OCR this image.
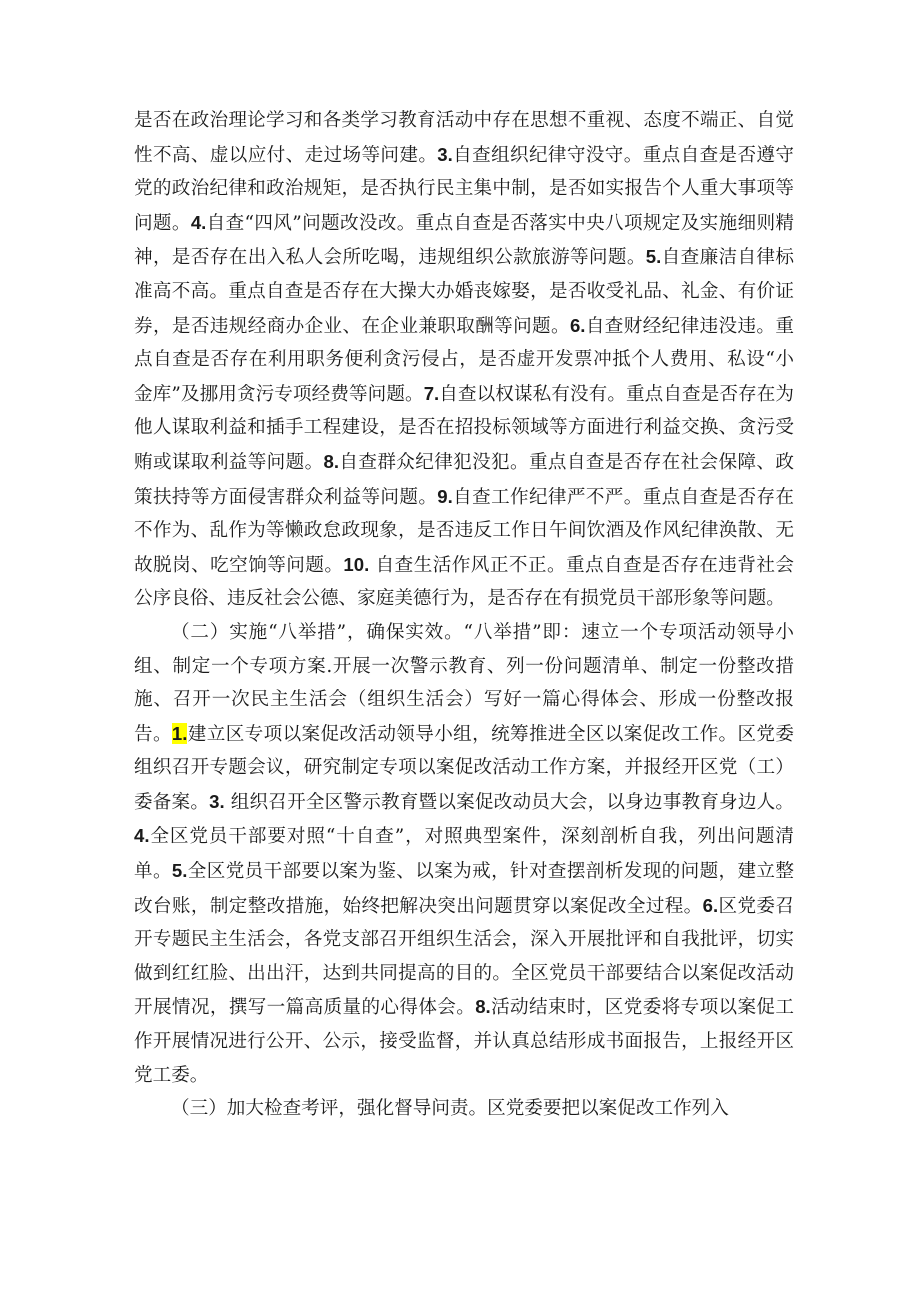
是否在政治理论学习和各类学习教育活动中存在思想不重视、态度不端正、自觉性不高、虚以应付、走过场等问建。3.自查组织纪律守没守。重点自查是否遵守党的政治纪律和政治规矩，是否执行民主集中制，是否如实报告个人重大事项等问题。4.自查“四风”问题改没改。重点自查是否落实中央八项规定及实施细则精神，是否存在出入私人会所吃喝，违规组织公款旅游等问题。5.自查廉洁自律标准高不高。重点自查是否存在大操大办婚丧嫁娶，是否收受礼品、礼金、有价证券，是否违规经商办企业、在企业兼职取酬等问题。6.自查财经纪律违没违。重点自查是否存在利用职务便利贪污侵占，是否虚开发票冲抵个人费用、私设“小金库”及挪用贪污专项经费等问题。7.自查以权谋私有没有。重点自查是否存在为他人谋取利益和插手工程建设，是否在招投标领域等方面进行利益交换、贪污受贿或谋取利益等问题。8.自查群众纪律犯没犯。重点自查是否存在社会保障、政策扶持等方面侵害群众利益等问题。9.自查工作纪律严不严。重点自查是否存在不作为、乱作为等懒政怠政现象，是否违反工作日午间饮酒及作风纪律涣散、无故脱岗、吃空饷等问题。10. 自查生活作风正不正。重点自查是否存在违背社会公序良俗、违反社会公德、家庭美德行为，是否存在有损党员干部形象等问题。

（二）实施“八举措”，确保实效。“八举措”即：速立一个专项活动领导小组、制定一个专项方案.开展一次警示教育、列一份问题清单、制定一份整改措施、召开一次民主生活会（组织生活会）写好一篇心得体会、形成一份整改报告。1.建立区专项以案促改活动领导小组，统筹推进全区以案促改工作。区党委组织召开专题会议，研究制定专项以案促改活动工作方案，并报经开区党（工）委备案。3. 组织召开全区警示教育暨以案促改动员大会，以身边事教育身边人。4.全区党员干部要对照“十自查”，对照典型案件，深刻剖析自我，列出问题清单。5.全区党员干部要以案为鉴、以案为戒，针对查摆剖析发现的问题，建立整改台账，制定整改措施，始终把解决突出问题贯穿以案促改全过程。6.区党委召开专题民主生活会，各党支部召开组织生活会，深入开展批评和自我批评，切实做到红红脸、出出汗，达到共同提高的目的。全区党员干部要结合以案促改活动开展情况，撰写一篇高质量的心得体会。8.活动结束时，区党委将专项以案促工作开展情况进行公开、公示，接受监督，并认真总结形成书面报告，上报经开区党工委。

（三）加大检查考评，强化督导问责。区党委要把以案促改工作列入
